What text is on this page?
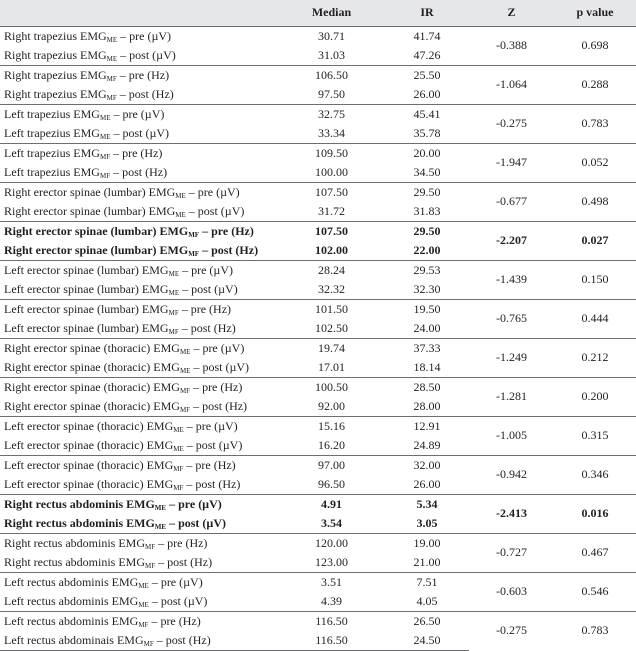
	Median	IR	Z	p value
Right trapezius $EMG_{ME}$ – pre (µV)	30.71	41.74	-0.388	0.698
Right trapezius $EMG_{ME}$ – post (µV)	31.03	47.26		
Right trapezius $EMG_{MF}$ – pre (Hz)	106.50	25.50	-1.064	0.288
Right trapezius $EMG_{MF}$ – post (Hz)	97.50	26.00		
Left trapezius $EMG_{ME}$ – pre (µV)	32.75	45.41	-0.275	0.783
Left trapezius $EMG_{ME}$ – post (µV)	33.34	35.78		
Left trapezius $EMG_{MF}$ – pre (Hz)	109.50	20.00	-1.947	0.052
Left trapezius $EMG_{MF}$ – post (Hz)	100.00	34.50		
Right erector spinae (lumbar) $EMG_{ME}$ – pre (µV)	107.50	29.50	-0.677	0.498
Right erector spinae (lumbar) $EMG_{ME}$ – post (µV)	31.72	31.83		
Right erector spinae (lumbar) $EMG_{MF}$ – pre (Hz)	107.50	29.50	-2.207	0.027
Right erector spinae (lumbar) $EMG_{MF}$ – post (Hz)	102.00	22.00		
Left erector spinae (lumbar) $EMG_{ME}$ – pre (µV)	28.24	29.53	-1.439	0.150
Left erector spinae (lumbar) $EMG_{ME}$ – post (µV)	32.32	32.30		
Left erector spinae (lumbar) $EMG_{MF}$ – pre (Hz)	101.50	19.50	-0.765	0.444
Left erector spinae (lumbar) $EMG_{MF}$ – post (Hz)	102.50	24.00		
Right erector spinae (thoracic) $EMG_{ME}$ – pre (µV)	19.74	37.33	-1.249	0.212
Right erector spinae (thoracic) $EMG_{ME}$ – post (µV)	17.01	18.14		
Right erector spinae (thoracic) $EMG_{MF}$ – pre (Hz)	100.50	28.50	-1.281	0.200
Right erector spinae (thoracic) $EMG_{MF}$ – post (Hz)	92.00	28.00		
Left erector spinae (thoracic) $EMG_{ME}$ – pre (µV)	15.16	12.91	-1.005	0.315
Left erector spinae (thoracic) $EMG_{ME}$ – post (µV)	16.20	24.89		
Left erector spinae (thoracic) $EMG_{MF}$ – pre (Hz)	97.00	32.00	-0.942	0.346
Left erector spinae (thoracic) $EMG_{MF}$ – post (Hz)	96.50	26.00		
Right rectus abdominis $EMG_{ME}$ – pre (µV)	4.91	5.34	-2.413	0.016
Right rectus abdominis $EMG_{ME}$ – post (µV)	3.54	3.05		
Right rectus abdominis $EMG_{MF}$ – pre (Hz)	120.00	19.00	-0.727	0.467
Right rectus abdominis $EMG_{MF}$ – post (Hz)	123.00	21.00		
Left rectus abdominis $EMG_{ME}$ – pre (µV)	3.51	7.51	-0.603	0.546
Left rectus abdominis $EMG_{ME}$ – post (µV)	4.39	4.05		
Left rectus abdominis $EMG_{MF}$ – pre (Hz)	116.50	26.50	-0.275	0.783
Left rectus abdominais $EMG_{MF}$ – post (Hz)	116.50	24.50		
